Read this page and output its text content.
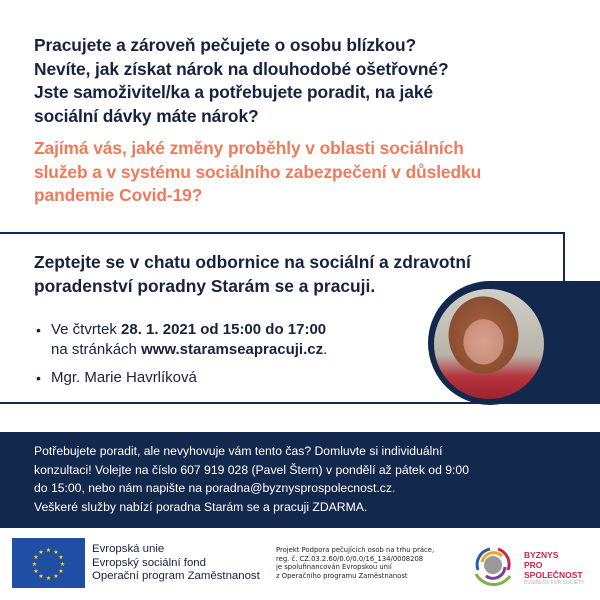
Pracujete a zároveň pečujete o osobu blízkou?
Nevíte, jak získat nárok na dlouhodobé ošetřovné?
Jste samoživitel/ka a potřebujete poradit, na jaké
sociální dávky máte nárok?
Zajímá vás, jaké změny proběhly v oblasti sociálních
služeb a v systému sociálního zabezpečení v důsledku
pandemie Covid-19?
Zeptejte se v chatu odbornice na sociální a zdravotní
poradenství poradny Starám se a pracuji.
• Ve čtvrtek 28. 1. 2021 od 15:00 do 17:00
na stránkách www.staramseapracuji.cz.
• Mgr. Marie Havrlíková
Potřebujete poradit, ale nevyhovuje vám tento čas? Domluvte si individuální
konzultaci! Volejte na číslo 607 919 028 (Pavel Štern) v pondělí až pátek od 9:00
do 15:00, nebo nám napište na poradna@byznysprospolecnost.cz.
Veškeré služby nabízí poradna Starám se a pracuji ZDARMA.
★ ★
★
★
★
★
★
★
★
★
★
★	Evropská unie
Evropský sociální fond
Operační program Zaměstnanost
Projekt Podpora pečujících osob na trhu práce,
reg. č. CZ.03.2.60/0.0/0.0/16_134/0008208
je spolufinancován Evropskou unií
z Operačního programu Zaměstnanost
BYZNYS
PRO SPOLEČNOST
BUSINESS FOR SOCIETY
